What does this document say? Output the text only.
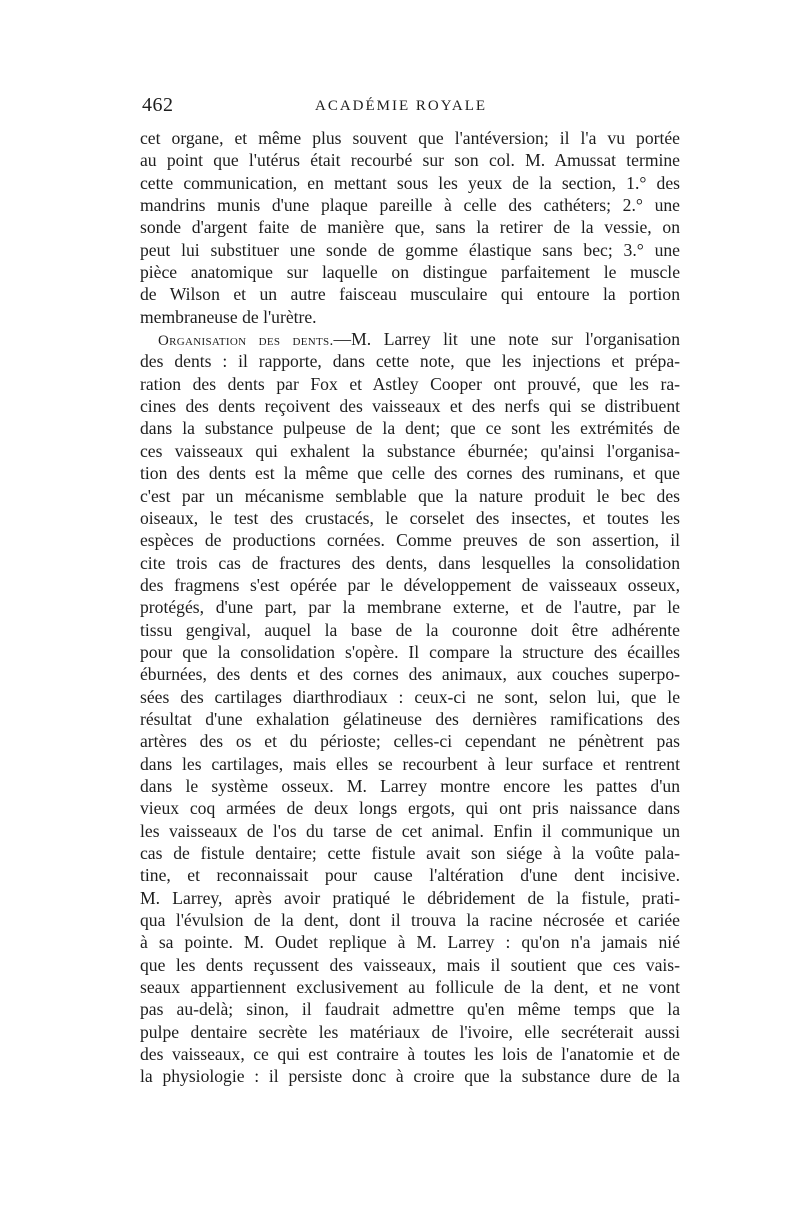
462	ACADÉMIE ROYALE
cet organe, et même plus souvent que l'antéversion; il l'a vu portée
au point que l'utérus était recourbé sur son col. M. Amussat termine
cette communication, en mettant sous les yeux de la section, 1.° des
mandrins munis d'une plaque pareille à celle des cathéters; 2.° une
sonde d'argent faite de manière que, sans la retirer de la vessie, on
peut lui substituer une sonde de gomme élastique sans bec; 3.° une
pièce anatomique sur laquelle on distingue parfaitement le muscle
de Wilson et un autre faisceau musculaire qui entoure la portion
membraneuse de l'urètre.
Organisation des dents.—M. Larrey lit une note sur l'organisation
des dents : il rapporte, dans cette note, que les injections et prépa-
ration des dents par Fox et Astley Cooper ont prouvé, que les ra-
cines des dents reçoivent des vaisseaux et des nerfs qui se distribuent
dans la substance pulpeuse de la dent; que ce sont les extrémités de
ces vaisseaux qui exhalent la substance éburnée; qu'ainsi l'organisa-
tion des dents est la même que celle des cornes des ruminans, et que
c'est par un mécanisme semblable que la nature produit le bec des
oiseaux, le test des crustacés, le corselet des insectes, et toutes les
espèces de productions cornées. Comme preuves de son assertion, il
cite trois cas de fractures des dents, dans lesquelles la consolidation
des fragmens s'est opérée par le développement de vaisseaux osseux,
protégés, d'une part, par la membrane externe, et de l'autre, par le
tissu gengival, auquel la base de la couronne doit être adhérente
pour que la consolidation s'opère. Il compare la structure des écailles
éburnées, des dents et des cornes des animaux, aux couches superpo-
sées des cartilages diarthrodiaux : ceux-ci ne sont, selon lui, que le
résultat d'une exhalation gélatineuse des dernières ramifications des
artères des os et du périoste; celles-ci cependant ne pénètrent pas
dans les cartilages, mais elles se recourbent à leur surface et rentrent
dans le système osseux. M. Larrey montre encore les pattes d'un
vieux coq armées de deux longs ergots, qui ont pris naissance dans
les vaisseaux de l'os du tarse de cet animal. Enfin il communique un
cas de fistule dentaire; cette fistule avait son siége à la voûte pala-
tine, et reconnaissait pour cause l'altération d'une dent incisive.
M. Larrey, après avoir pratiqué le débridement de la fistule, prati-
qua l'évulsion de la dent, dont il trouva la racine nécrosée et cariée
à sa pointe. M. Oudet replique à M. Larrey : qu'on n'a jamais nié
que les dents reçussent des vaisseaux, mais il soutient que ces vais-
seaux appartiennent exclusivement au follicule de la dent, et ne vont
pas au-delà; sinon, il faudrait admettre qu'en même temps que la
pulpe dentaire secrète les matériaux de l'ivoire, elle secréterait aussi
des vaisseaux, ce qui est contraire à toutes les lois de l'anatomie et de
la physiologie : il persiste donc à croire que la substance dure de la
